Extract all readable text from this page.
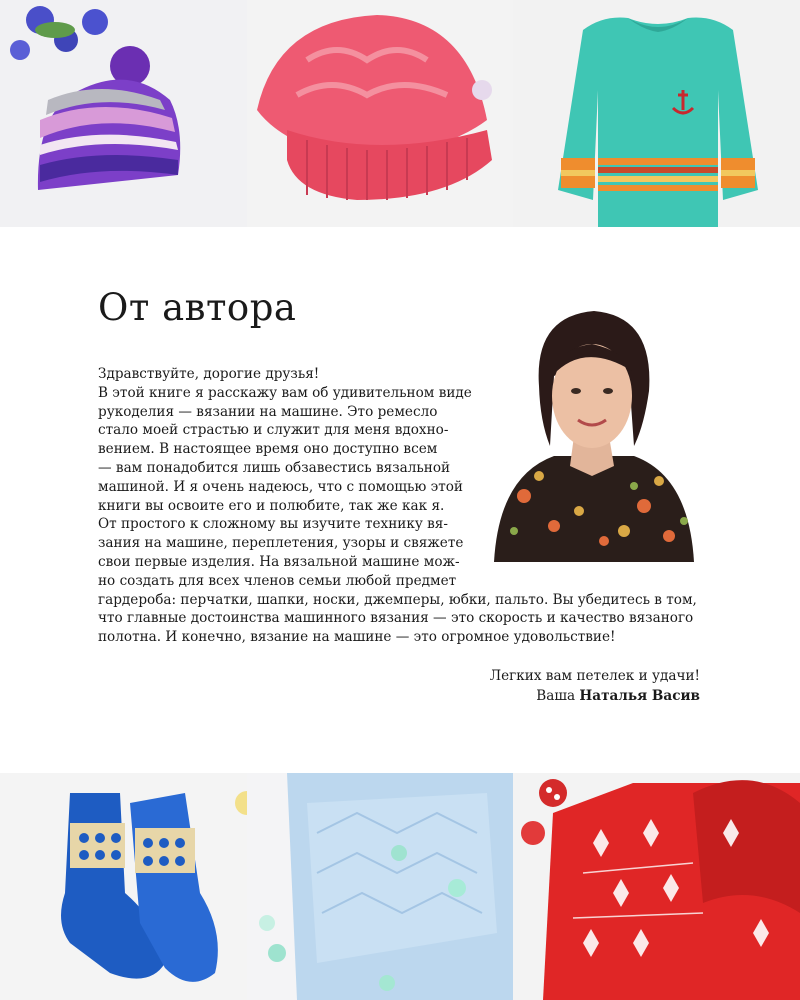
От автора
Здравствуйте, дорогие друзья!
В этой книге я расскажу вам об удивительном виде
рукоделия — вязании на машине. Это ремесло
стало моей страстью и служит для меня вдохно-
вением. В настоящее время оно доступно всем
— вам понадобится лишь обзавестись вязальной
машиной. И я очень надеюсь, что с помощью этой
книги вы освоите его и полюбите, так же как я.
От простого к сложному вы изучите технику вя-
зания на машине, переплетения, узоры и свяжете
свои первые изделия. На вязальной машине мож-
но создать для всех членов семьи любой предмет
гардероба: перчатки, шапки, носки, джемперы, юбки, пальто. Вы убедитесь в том,
что главные достоинства машинного вязания — это скорость и качество вязаного
полотна. И конечно, вязание на машине — это огромное удовольствие!
Легких вам петелек и удачи!
Ваша Наталья Васив
